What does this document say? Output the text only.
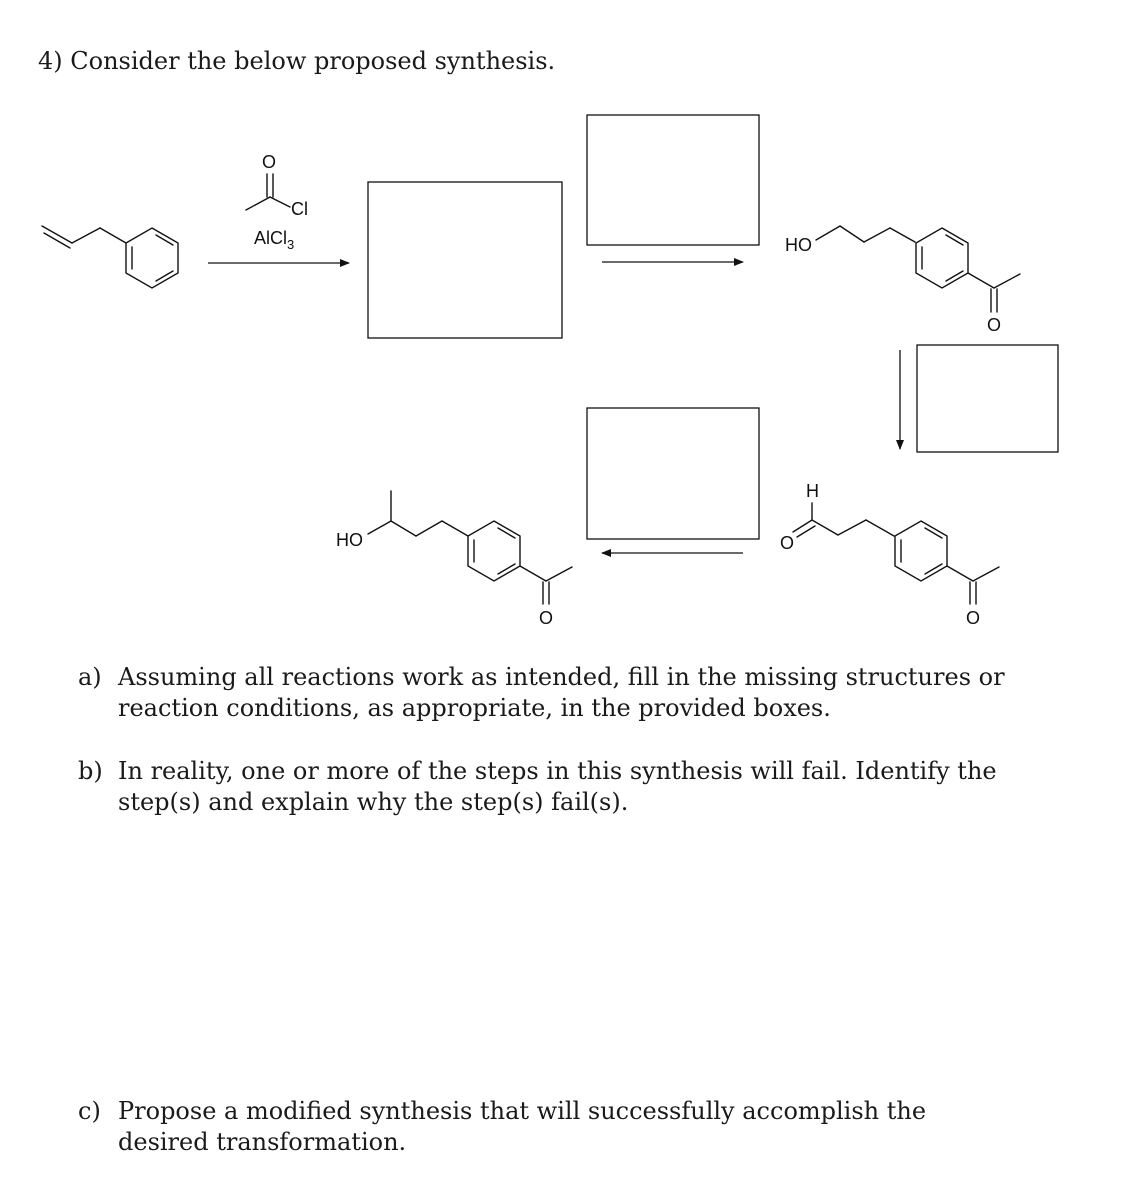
4) Consider the below proposed synthesis.
O
Cl
AlCl$_3$	HO
O
H
O
O
HO
O
a) Assuming all reactions work as intended, fill in the missing structures or reaction conditions, as appropriate, in the provided boxes.
b) In reality, one or more of the steps in this synthesis will fail. Identify the step(s) and explain why the step(s) fail(s).
c) Propose a modified synthesis that will successfully accomplish the desired transformation.
